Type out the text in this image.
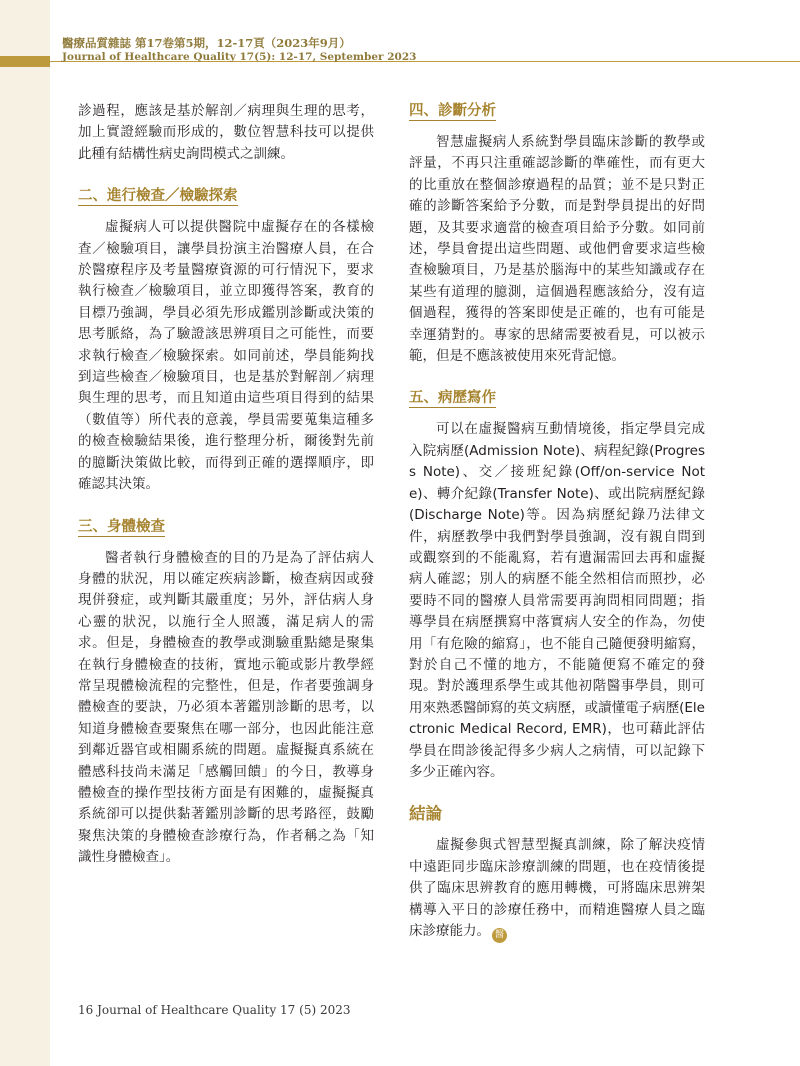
醫療品質雜誌 第17卷第5期，12-17頁（2023年9月）
Journal of Healthcare Quality 17(5): 12-17, September 2023

診過程，應該是基於解剖／病理與生理的思考，加上實證經驗而形成的，數位智慧科技可以提供此種有結構性病史詢問模式之訓練。

二、進行檢查／檢驗探索

虛擬病人可以提供醫院中虛擬存在的各樣檢查／檢驗項目，讓學員扮演主治醫療人員，在合於醫療程序及考量醫療資源的可行情況下，要求執行檢查／檢驗項目，並立即獲得答案，教育的目標乃強調，學員必須先形成鑑別診斷或決策的思考脈絡，為了驗證該思辨項目之可能性，而要求執行檢查／檢驗探索。如同前述，學員能夠找到這些檢查／檢驗項目，也是基於對解剖／病理與生理的思考，而且知道由這些項目得到的結果（數值等）所代表的意義，學員需要蒐集這種多的檢查檢驗結果後，進行整理分析，爾後對先前的臆斷決策做比較，而得到正確的選擇順序，即確認其決策。

三、身體檢查

醫者執行身體檢查的目的乃是為了評估病人身體的狀況，用以確定疾病診斷，檢查病因或發現併發症，或判斷其嚴重度；另外，評估病人身心靈的狀況，以施行全人照護，滿足病人的需求。但是，身體檢查的教學或測驗重點總是聚集在執行身體檢查的技術，實地示範或影片教學經常呈現體檢流程的完整性，但是，作者要強調身體檢查的要訣，乃必須本著鑑別診斷的思考，以知道身體檢查要聚焦在哪一部分，也因此能注意到鄰近器官或相關系統的問題。虛擬擬真系統在體感科技尚未滿足「感觸回饋」的今日，教導身體檢查的操作型技術方面是有困難的，虛擬擬真系統卻可以提供黏著鑑別診斷的思考路徑，鼓勵聚焦決策的身體檢查診療行為，作者稱之為「知識性身體檢查」。

四、診斷分析

智慧虛擬病人系統對學員臨床診斷的教學或評量，不再只注重確認診斷的準確性，而有更大的比重放在整個診療過程的品質；並不是只對正確的診斷答案給予分數，而是對學員提出的好問題，及其要求適當的檢查項目給予分數。如同前述，學員會提出這些問題、或他們會要求這些檢查檢驗項目，乃是基於腦海中的某些知識或存在某些有道理的臆測，這個過程應該給分，沒有這個過程，獲得的答案即使是正確的，也有可能是幸運猜對的。專家的思緒需要被看見，可以被示範，但是不應該被使用來死背記憶。

五、病歷寫作

可以在虛擬醫病互動情境後，指定學員完成入院病歷(Admission Note)、病程紀錄(Progress Note)、交／接班紀錄(Off/on-service Note)、轉介紀錄(Transfer Note)、或出院病歷紀錄(Discharge Note)等。因為病歷紀錄乃法律文件，病歷教學中我們對學員強調，沒有親自問到或觀察到的不能亂寫，若有遺漏需回去再和虛擬病人確認；別人的病歷不能全然相信而照抄，必要時不同的醫療人員常需要再詢問相同問題；指導學員在病歷撰寫中落實病人安全的作為，勿使用「有危險的縮寫」，也不能自己隨便發明縮寫，對於自己不懂的地方，不能隨便寫不確定的發現。對於護理系學生或其他初階醫事學員，則可用來熟悉醫師寫的英文病歷，或讀懂電子病歷(Electronic Medical Record, EMR)，也可藉此評估學員在問診後記得多少病人之病情，可以記錄下多少正確內容。

結論

虛擬參與式智慧型擬真訓練，除了解決疫情中遠距同步臨床診療訓練的問題，也在疫情後提供了臨床思辨教育的應用轉機，可將臨床思辨架構導入平日的診療任務中，而精進醫療人員之臨床診療能力。 醫

16 Journal of Healthcare Quality 17 (5) 2023
